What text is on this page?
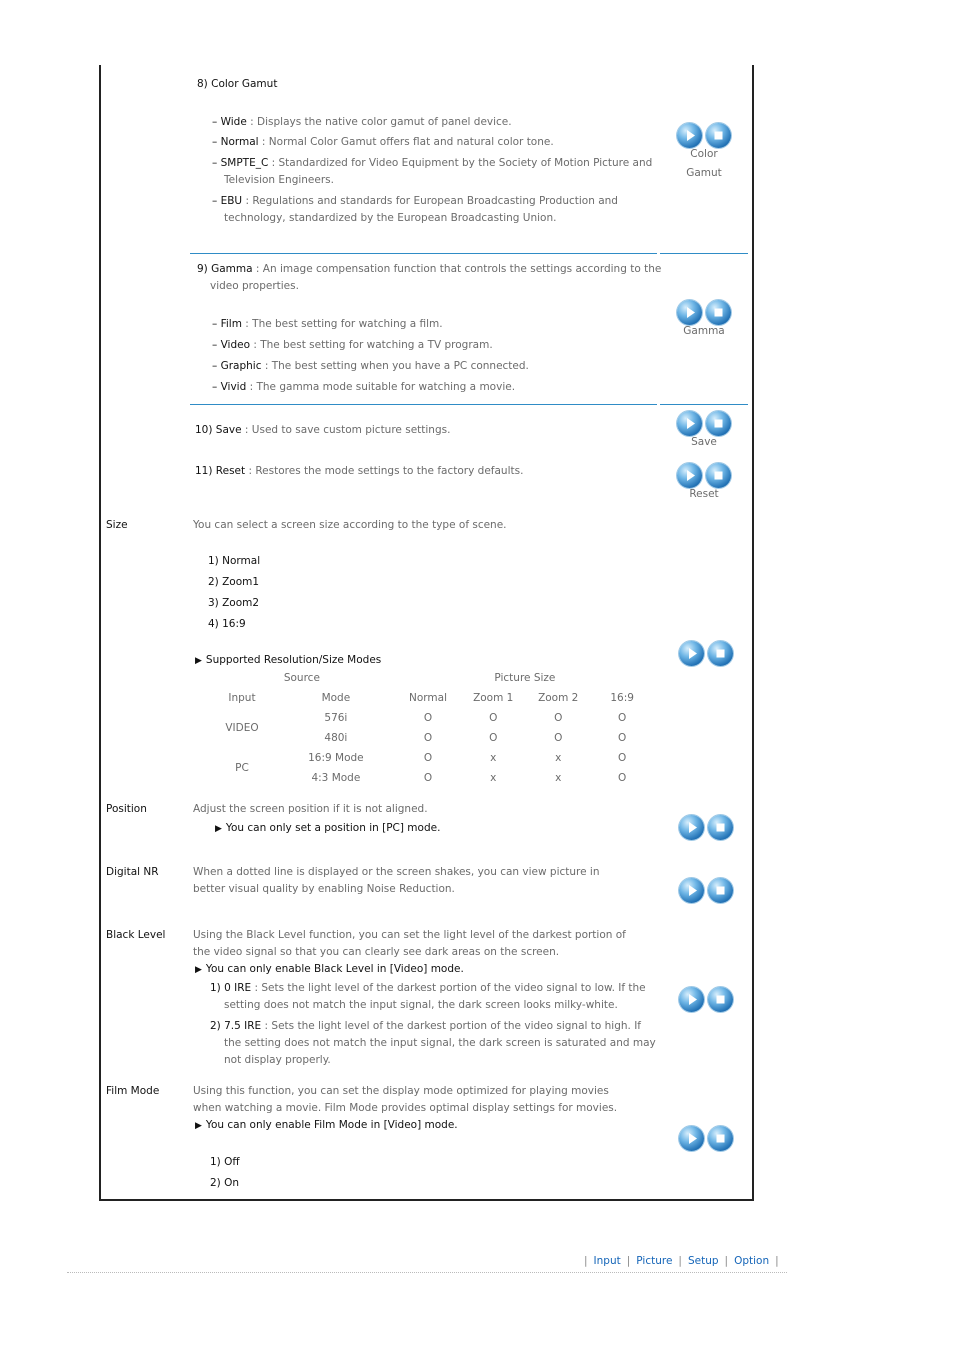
8) Color Gamut
– Wide : Displays the native color gamut of panel device.
– Normal : Normal Color Gamut offers flat and natural color tone.
– SMPTE_C : Standardized for Video Equipment by the Society of Motion Picture and Television Engineers.
– EBU : Regulations and standards for European Broadcasting Production and technology, standardized by the European Broadcasting Union.
Color
Gamut
9) Gamma : An image compensation function that controls the settings according to the video properties.
– Film : The best setting for watching a film.
– Video : The best setting for watching a TV program.
– Graphic : The best setting when you have a PC connected.
– Vivid : The gamma mode suitable for watching a movie.
Gamma
10) Save : Used to save custom picture settings.
Save
11) Reset : Restores the mode settings to the factory defaults.
Reset
Size	You can select a screen size according to the type of scene.
1) Normal
2) Zoom1
3) Zoom2
4) 16:9
▶ Supported Resolution/Size Modes
Source		Picture Size			
Input	Mode	Normal	Zoom 1	Zoom 2	16:9
VIDEO	576i	O	O	O	O
	480i	O	O	O	O
PC	16:9 Mode	O	x	x	O
	4:3 Mode	O	x	x	O
Position	Adjust the screen position if it is not aligned.
▶ You can only set a position in [PC] mode.
Digital NR	When a dotted line is displayed or the screen shakes, you can view picture in better visual quality by enabling Noise Reduction.
Black Level	Using the Black Level function, you can set the light level of the darkest portion of the video signal so that you can clearly see dark areas on the screen.
▶ You can only enable Black Level in [Video] mode.
1) 0 IRE : Sets the light level of the darkest portion of the video signal to low. If the setting does not match the input signal, the dark screen looks milky-white.
2) 7.5 IRE : Sets the light level of the darkest portion of the video signal to high. If the setting does not match the input signal, the dark screen is saturated and may not display properly.
Film Mode	Using this function, you can set the display mode optimized for playing movies when watching a movie. Film Mode provides optimal display settings for movies.
▶ You can only enable Film Mode in [Video] mode.
1) Off
2) On
| Input | Picture | Setup | Option |
